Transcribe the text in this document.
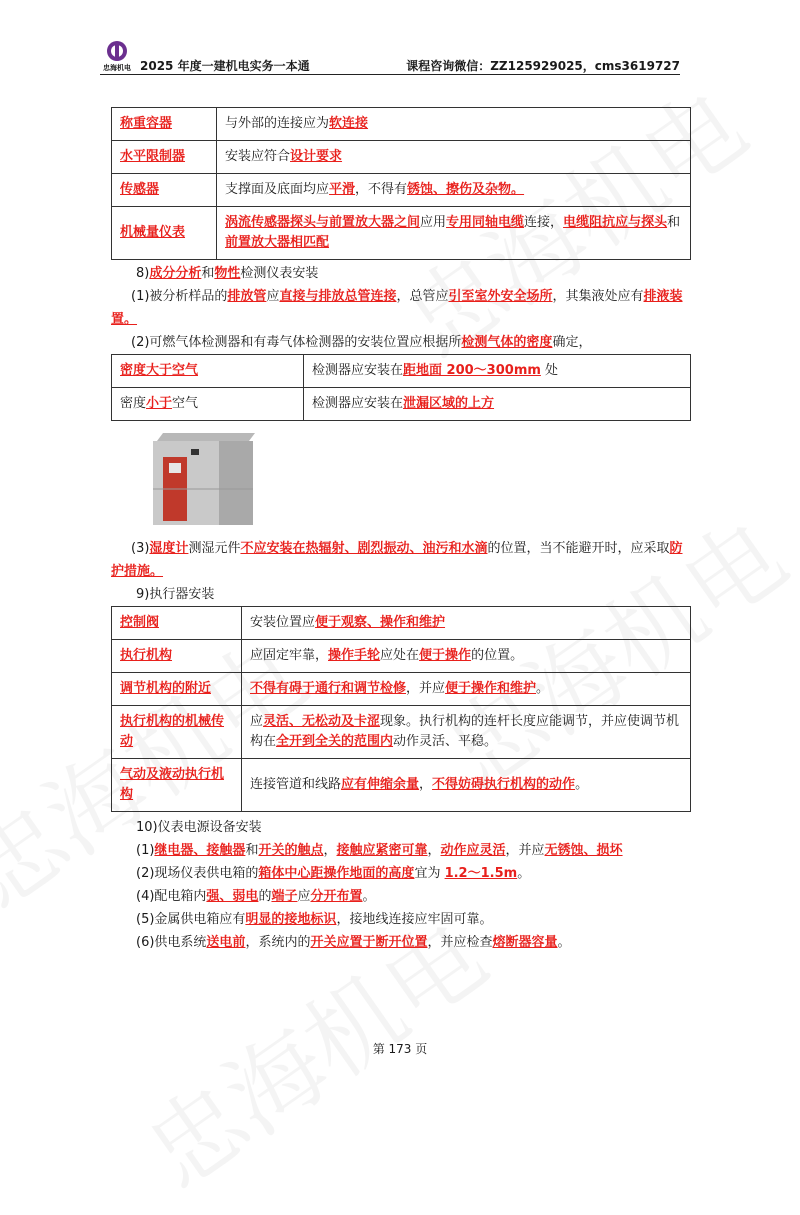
忠海机电 2025 年度一建机电实务一本通	课程咨询微信：ZZ125929025，cms3619727
称重容器	与外部的连接应为软连接
水平限制器	安装应符合设计要求
传感器	支撑面及底面均应平滑，不得有锈蚀、擦伤及杂物。
机械量仪表	涡流传感器探头与前置放大器之间应用专用同轴电缆连接，电缆阻抗应与探头和前置放大器相匹配

8)成分分析和物性检测仪表安装

(1)被分析样品的排放管应直接与排放总管连接，总管应引至室外安全场所，其集液处应有排液装置。

(2)可燃气体检测器和有毒气体检测器的安装位置应根据所检测气体的密度确定，

密度大于空气	检测器应安装在距地面 200～300mm 处
密度小于空气	检测器应安装在泄漏区域的上方

(3)湿度计测湿元件不应安装在热辐射、剧烈振动、油污和水滴的位置，当不能避开时，应采取防护措施。

9)执行器安装

控制阀	安装位置应便于观察、操作和维护
执行机构	应固定牢靠，操作手轮应处在便于操作的位置。
调节机构的附近	不得有碍于通行和调节检修，并应便于操作和维护。
执行机构的机械传动	应灵活、无松动及卡涩现象。执行机构的连杆长度应能调节，并应使调节机构在全开到全关的范围内动作灵活、平稳。
气动及液动执行机构	连接管道和线路应有伸缩余量，不得妨碍执行机构的动作。

10)仪表电源设备安装

(1)继电器、接触器和开关的触点，接触应紧密可靠，动作应灵活，并应无锈蚀、损坏

(2)现场仪表供电箱的箱体中心距操作地面的高度宜为 1.2～1.5m。

(4)配电箱内强、弱电的端子应分开布置。

(5)金属供电箱应有明显的接地标识，接地线连接应牢固可靠。

(6)供电系统送电前，系统内的开关应置于断开位置，并应检查熔断器容量。

第 173 页
